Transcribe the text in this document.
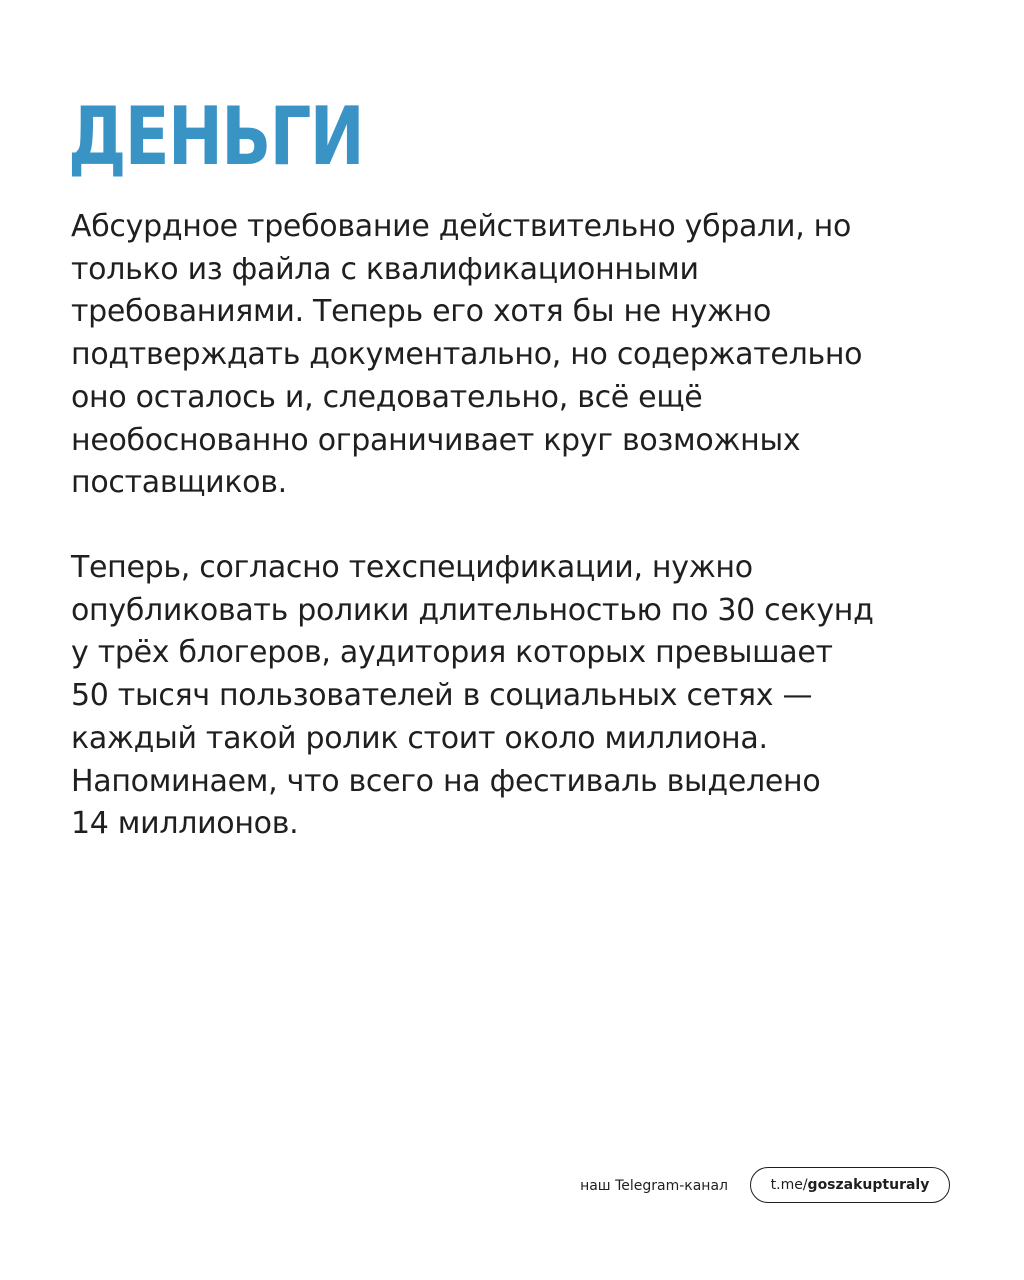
ДЕНЬГИ

Абсурдное требование действительно убрали, но
только из файла с квалификационными
требованиями. Теперь его хотя бы не нужно
подтверждать документально, но содержательно
оно осталось и, следовательно, всё ещё
необоснованно ограничивает круг возможных
поставщиков.

Теперь, согласно техспецификации, нужно
опубликовать ролики длительностью по 30 секунд
у трёх блогеров, аудитория которых превышает
50 тысяч пользователей в социальных сетях —
каждый такой ролик стоит около миллиона.
Напоминаем, что всего на фестиваль выделено
14 миллионов.

наш Telegram-канал	t.me/ goszakupturaly
